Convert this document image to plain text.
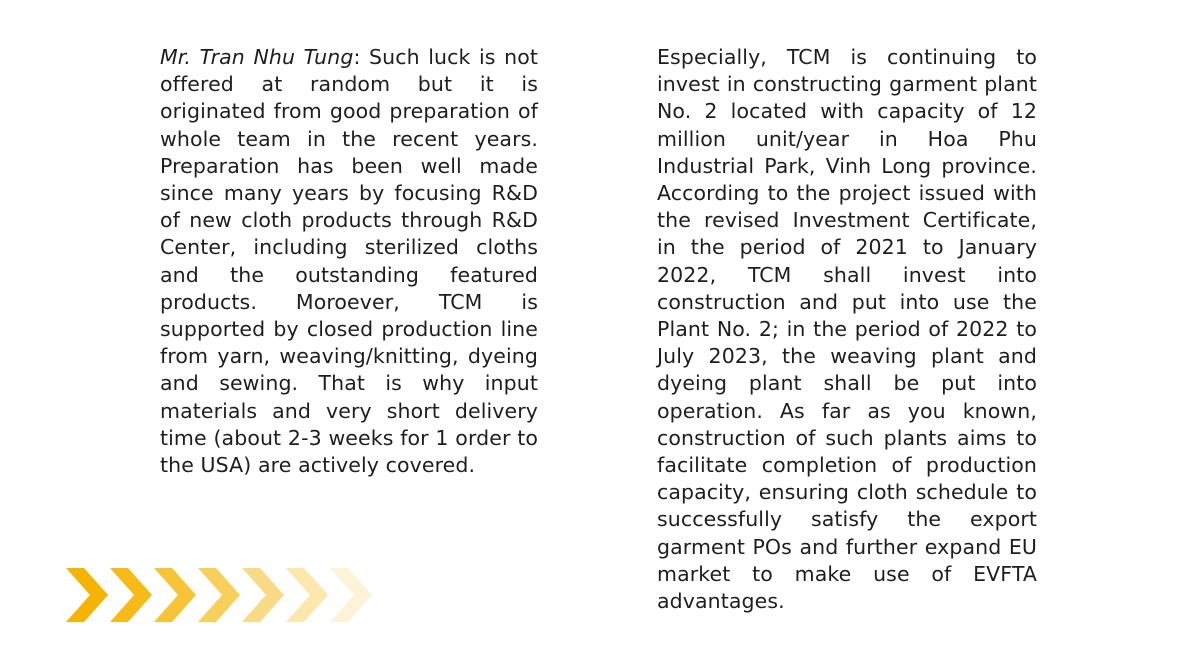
Mr. Tran Nhu Tung: Such luck is not offered at random but it is originated from good preparation of whole team in the recent years. Preparation has been well made since many years by focusing R&D of new cloth products through R&D Center, including sterilized cloths and the outstanding featured products. Moroever, TCM is supported by closed production line from yarn, weaving/knitting, dyeing and sewing. That is why input materials and very short delivery time (about 2-3 weeks for 1 order to the USA) are actively covered.
Especially, TCM is continuing to invest in constructing garment plant No. 2 located with capacity of 12 million unit/year in Hoa Phu Industrial Park, Vinh Long province. According to the project issued with the revised Investment Certificate, in the period of 2021 to January 2022, TCM shall invest into construction and put into use the Plant No. 2; in the period of 2022 to July 2023, the weaving plant and dyeing plant shall be put into operation. As far as you known, construction of such plants aims to facilitate completion of production capacity, ensuring cloth schedule to successfully satisfy the export garment POs and further expand EU market to make use of EVFTA advantages.
